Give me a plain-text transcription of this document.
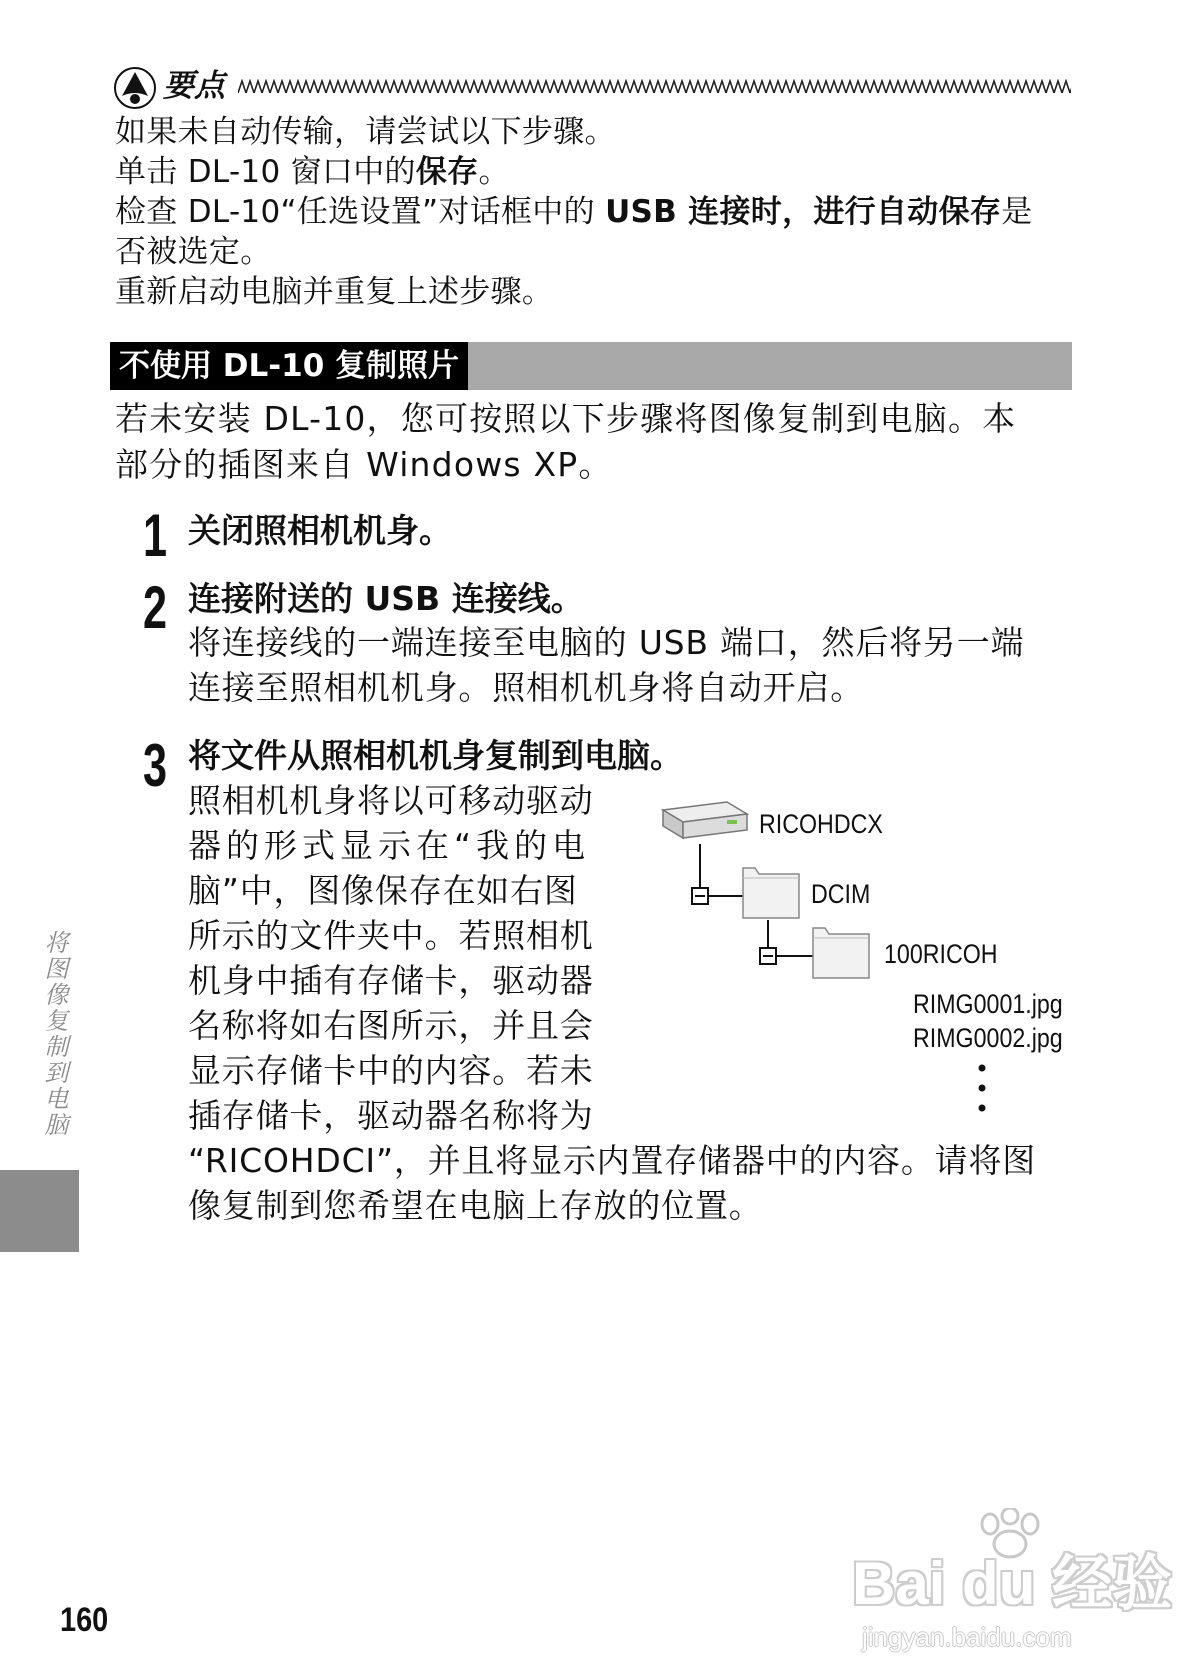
要点
如果未自动传输，请尝试以下步骤。
单击 DL-10 窗口中的保存。
检查 DL-10“任选设置”对话框中的 USB 连接时，进行自动保存是
否被选定。
重新启动电脑并重复上述步骤。
不使用 DL-10 复制照片
若未安装 DL-10，您可按照以下步骤将图像复制到电脑。本
部分的插图来自 Windows XP。
1 关闭照相机机身。
2 连接附送的 USB 连接线。
将连接线的一端连接至电脑的 USB 端口，然后将另一端
连接至照相机机身。照相机机身将自动开启。
3 将文件从照相机机身复制到电脑。
照相机机身将以可移动驱动
器的形式显示在“我的电
脑”中，图像保存在如右图
所示的文件夹中。若照相机
机身中插有存储卡，驱动器
名称将如右图所示，并且会
显示存储卡中的内容。若未
插存储卡，驱动器名称将为
“RICOHDCI”，并且将显示内置存储器中的内容。请将图
像复制到您希望在电脑上存放的位置。
RICOHDCX
DCIM
100RICOH
RIMG0001.jpg
RIMG0002.jpg
将图像复制到电脑
160
Bai du 经验
jingyan.baidu.com
